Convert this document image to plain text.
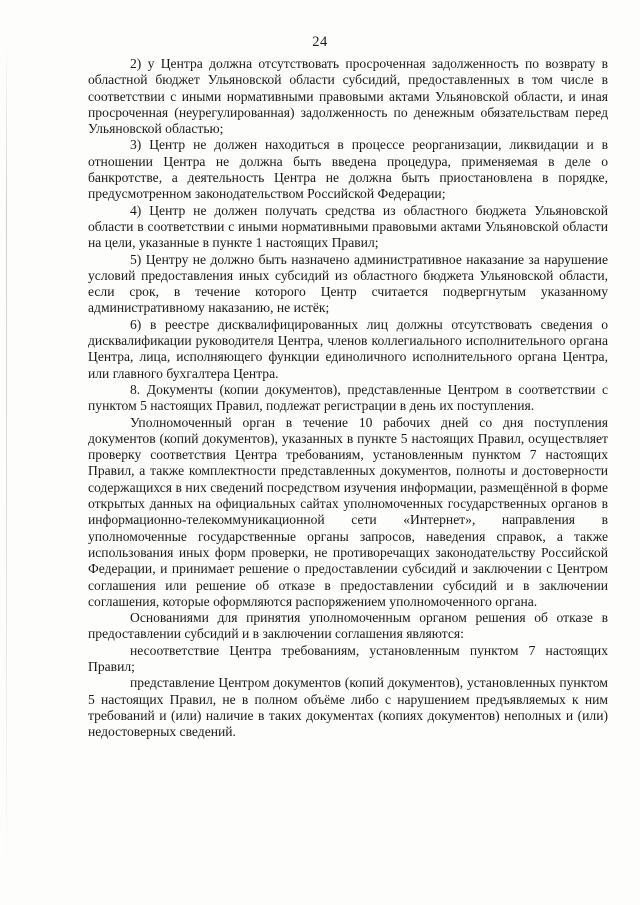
24

2) у Центра должна отсутствовать просроченная задолженность по возврату в областной бюджет Ульяновской области субсидий, предоставленных в том числе в соответствии с иными нормативными правовыми актами Ульяновской области, и иная просроченная (неурегулированная) задолженность по денежным обязательствам перед Ульяновской областью;

3) Центр не должен находиться в процессе реорганизации, ликвидации и в отношении Центра не должна быть введена процедура, применяемая в деле о банкротстве, а деятельность Центра не должна быть приостановлена в порядке, предусмотренном законодательством Российской Федерации;

4) Центр не должен получать средства из областного бюджета Ульяновской области в соответствии с иными нормативными правовыми актами Ульяновской области на цели, указанные в пункте 1 настоящих Правил;

5) Центру не должно быть назначено административное наказание за нарушение условий предоставления иных субсидий из областного бюджета Ульяновской области, если срок, в течение которого Центр считается подвергнутым указанному административному наказанию, не истёк;

6) в реестре дисквалифицированных лиц должны отсутствовать сведения о дисквалификации руководителя Центра, членов коллегиального исполнительного органа Центра, лица, исполняющего функции единоличного исполнительного органа Центра, или главного бухгалтера Центра.

8. Документы (копии документов), представленные Центром в соответствии с пунктом 5 настоящих Правил, подлежат регистрации в день их поступления.

Уполномоченный орган в течение 10 рабочих дней со дня поступления документов (копий документов), указанных в пункте 5 настоящих Правил, осуществляет проверку соответствия Центра требованиям, установленным пунктом 7 настоящих Правил, а также комплектности представленных документов, полноты и достоверности содержащихся в них сведений посредством изучения информации, размещённой в форме открытых данных на официальных сайтах уполномоченных государственных органов в информационно-телекоммуникационной сети «Интернет», направления в уполномоченные государственные органы запросов, наведения справок, а также использования иных форм проверки, не противоречащих законодательству Российской Федерации, и принимает решение о предоставлении субсидий и заключении с Центром соглашения или решение об отказе в предоставлении субсидий и в заключении соглашения, которые оформляются распоряжением уполномоченного органа.

Основаниями для принятия уполномоченным органом решения об отказе в предоставлении субсидий и в заключении соглашения являются:

несоответствие Центра требованиям, установленным пунктом 7 настоящих Правил;

представление Центром документов (копий документов), установленных пунктом 5 настоящих Правил, не в полном объёме либо с нарушением предъявляемых к ним требований и (или) наличие в таких документах (копиях документов) неполных и (или) недостоверных сведений.
